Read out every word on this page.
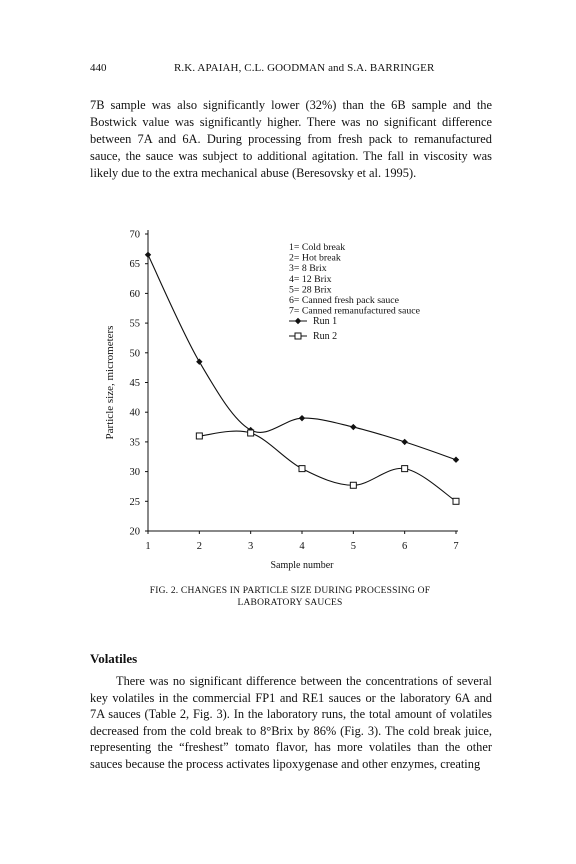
440	R.K. APAIAH, C.L. GOODMAN and S.A. BARRINGER

7B sample was also significantly lower (32%) than the 6B sample and the Bostwick value was significantly higher. There was no significant difference between 7A and 6A. During processing from fresh pack to remanufactured sauce, the sauce was subject to additional agitation. The fall in viscosity was likely due to the extra mechanical abuse (Beresovsky et al. 1995).

20
25
30
35
40
45
50
55
60
65
70
1	2	3	4	5	6	7
Sample number
Particle size, micrometers
1= Cold break
2= Hot break
3= 8 Brix
4= 12 Brix
5= 28 Brix
6= Canned fresh pack sauce
7= Canned remanufactured sauce
Run 1
Run 2
FIG. 2. CHANGES IN PARTICLE SIZE DURING PROCESSING OF
LABORATORY SAUCES
Volatiles

There was no significant difference between the concentrations of several key volatiles in the commercial FP1 and RE1 sauces or the laboratory 6A and 7A sauces (Table 2, Fig. 3). In the laboratory runs, the total amount of volatiles decreased from the cold break to 8°Brix by 86% (Fig. 3). The cold break juice, representing the “freshest” tomato flavor, has more volatiles than the other sauces because the process activates lipoxygenase and other enzymes, creating
